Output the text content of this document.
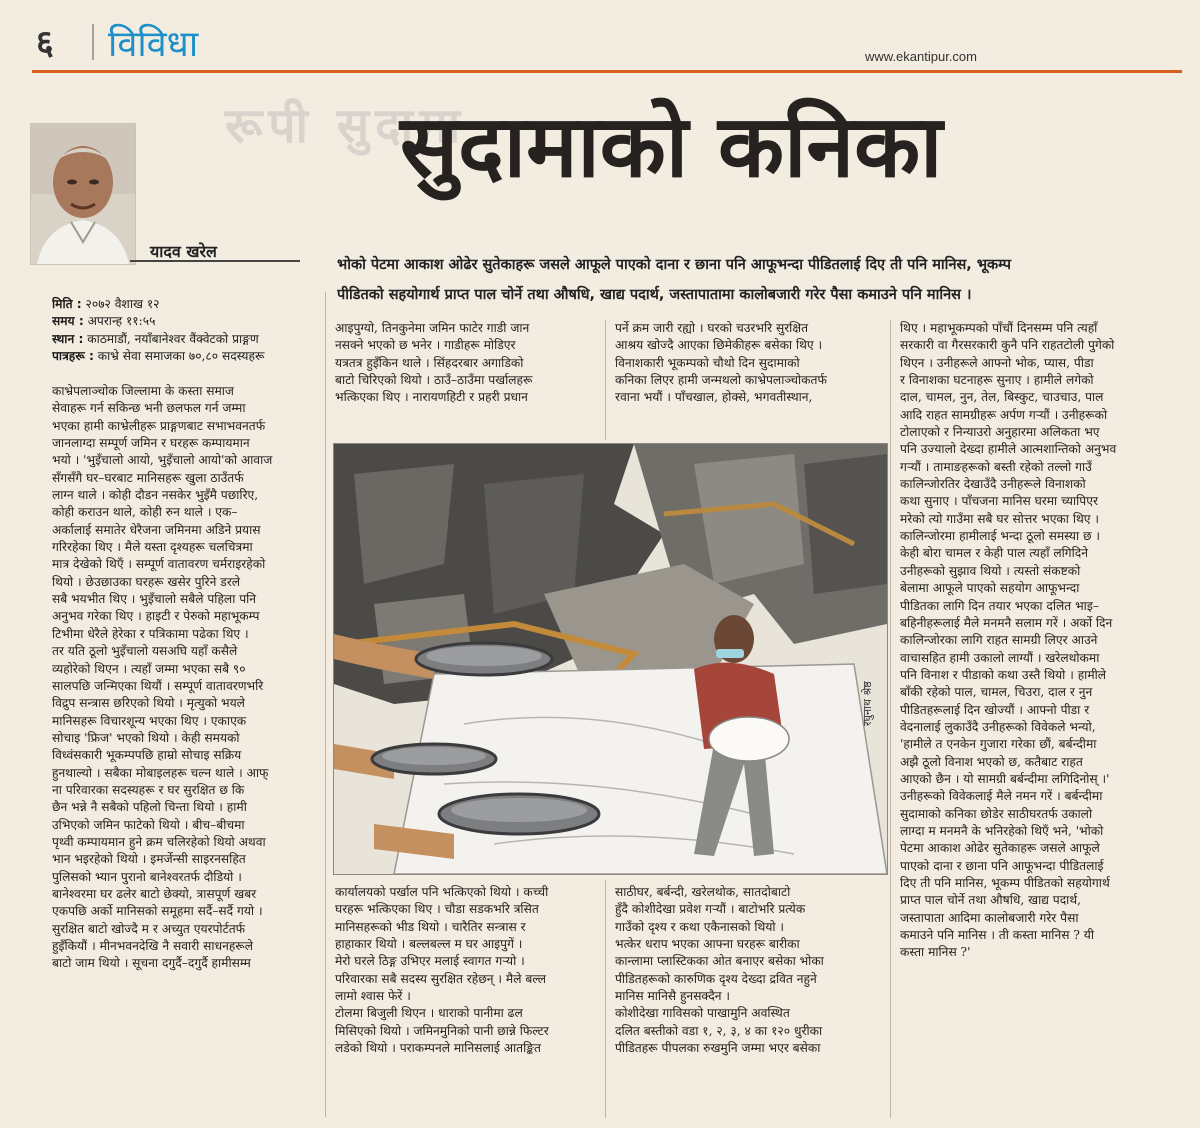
६ विविधा	www.ekantipur.com
रूपी सुदामा
सुदामाको कनिका
यादव खरेल
भोको पेटमा आकाश ओढेर सुतेकाहरू जसले आफूले पाएको दाना र छाना पनि आफूभन्दा पीडितलाई दिए ती पनि मानिस, भूकम्प
पीडितको सहयोगार्थ प्राप्त पाल चोर्ने तथा औषधि, खाद्य पदार्थ, जस्तापातामा कालोबजारी गरेर पैसा कमाउने पनि मानिस ।
मिति : २०७२ वैशाख १२
समय : अपरान्ह ११:५५
स्थान : काठमाडौं, नयाँबानेश्वर वैंक्वेटको प्राङ्गण
पात्रहरू : काभ्रे सेवा समाजका ७०,८० सदस्यहरू
काभ्रेपलाञ्चोक जिल्लामा के कस्ता समाज
सेवाहरू गर्न सकिन्छ भनी छलफल गर्न जम्मा
भएका हामी काभ्रेलीहरू प्राङ्गणबाट सभाभवनतर्फ
जानलाग्दा सम्पूर्ण जमिन र घरहरू कम्पायमान
भयो । 'भुइँचालो आयो, भुइँचालो आयो'को आवाज
सँगसँगै घर–घरबाट मानिसहरू खुला ठाउँतर्फ
लाग्न थाले । कोही दौडन नसकेर भुइँमै पछारिए,
कोही कराउन थाले, कोही रुन थाले । एक–
अर्कालाई समातेर धेरैजना जमिनमा अडिने प्रयास
गरिरहेका थिए । मैले यस्ता दृश्यहरू चलचित्रमा
मात्र देखेको थिएँ । सम्पूर्ण वातावरण चर्मराइरहेको
थियो । छेउछाउका घरहरू खसेर पुरिने डरले
सबै भयभीत थिए । भुइँचालो सबैले पहिला पनि
अनुभव गरेका थिए । हाइटी र पेरुको महाभूकम्प
टिभीमा धेरैले हेरेका र पत्रिकामा पढेका थिए ।
तर यति ठूलो भुइँचालो यसअघि यहाँ कसैले
व्यहोरेको थिएन । त्यहाँ जम्मा भएका सबै ९०
सालपछि जन्मिएका थियौं । सम्पूर्ण वातावरणभरि
विद्रुप सन्त्रास छरिएको थियो । मृत्युको भयले
मानिसहरू विचारशून्य भएका थिए । एकाएक
सोचाइ 'फ्रिज' भएको थियो । केही समयको
विध्वंसकारी भूकम्पपछि हाम्रो सोचाइ सक्रिय
हुनथाल्यो । सबैका मोबाइलहरू चल्न थाले । आफ्
ना परिवारका सदस्यहरू र घर सुरक्षित छ कि
छैन भन्ने नै सबैको पहिलो चिन्ता थियो । हामी
उभिएको जमिन फाटेको थियो । बीच–बीचमा
पृथ्वी कम्पायमान हुने क्रम चलिरहेको थियो अथवा
भान भइरहेको थियो । इमर्जेन्सी साइरनसहित
पुलिसको भ्यान पुरानो बानेश्वरतर्फ दौडियो ।
बानेश्वरमा घर ढलेर बाटो छेक्यो, त्रासपूर्ण खबर
एकपछि अर्को मानिसको समूहमा सर्दै–सर्दै गयो ।
सुरक्षित बाटो खोज्दै म र अच्युत एयरपोर्टतर्फ
हुइँकियौं । मीनभवनदेखि नै सवारी साधनहरूले
बाटो जाम थियो । सूचना दगुर्दै–दगुर्दै हामीसम्म
आइपुग्यो, तिनकुनेमा जमिन फाटेर गाडी जान
नसक्ने भएको छ भनेर । गाडीहरू मोडिएर
यत्रतत्र हुइँकिन थाले । सिंहदरबार अगाडिको
बाटो चिरिएको थियो । ठाउँ–ठाउँमा पर्खालहरू
भत्किएका थिए । नारायणहिटी र प्रहरी प्रधान
पर्ने क्रम जारी रह्यो । घरको चउरभरि सुरक्षित
आश्रय खोज्दै आएका छिमेकीहरू बसेका थिए ।
विनाशकारी भूकम्पको चौथो दिन सुदामाको
कनिका लिएर हामी जन्मथलो काभ्रेपलाञ्चोकतर्फ
रवाना भयौं । पाँचखाल, होक्से, भगवतीस्थान,
थिए । महाभूकम्पको पाँचौं दिनसम्म पनि त्यहाँ
सरकारी वा गैरसरकारी कुनै पनि राहतटोली पुगेको
थिएन । उनीहरूले आफ्नो भोक, प्यास, पीडा
र विनाशका घटनाहरू सुनाए । हामीले लगेको
दाल, चामल, नुन, तेल, बिस्कुट, चाउचाउ, पाल
आदि राहत सामग्रीहरू अर्पण गर्‍यौं । उनीहरूको
टोलाएको र निन्याउरो अनुहारमा अलिकता भए
पनि उज्यालो देख्दा हामीले आत्मशान्तिको अनुभव
गर्‍यौं । तामाङहरूको बस्ती रहेको तल्लो गाउँ
कालिन्जोरतिर देखाउँदै उनीहरूले विनाशको
कथा सुनाए । पाँचजना मानिस घरमा च्यापिएर
मरेको त्यो गाउँमा सबै घर सोत्तर भएका थिए ।
कालिन्जोरमा हामीलाई भन्दा ठूलो समस्या छ ।
केही बोरा चामल र केही पाल त्यहाँ लगिदिने
उनीहरूको सुझाव थियो । त्यस्तो संकष्टको
बेलामा आफूले पाएको सहयोग आफूभन्दा
पीडितका लागि दिन तयार भएका दलित भाइ–
बहिनीहरूलाई मैले मनमनै सलाम गरें । अर्को दिन
कालिन्जोरका लागि राहत सामग्री लिएर आउने
वाचासहित हामी उकालो लाग्यौं । खरेलथोकमा
पनि विनाश र पीडाको कथा उस्तै थियो । हामीले
बाँकी रहेको पाल, चामल, चिउरा, दाल र नुन
पीडितहरूलाई दिन खोज्यौं । आफ्नो पीडा र
वेदनालाई लुकाउँदै उनीहरूको विवेकले भन्यो,
'हामीले त एनकेन गुजारा गरेका छौं, बर्बन्दीमा
अझै ठूलो विनाश भएको छ, कतैबाट राहत
आएको छैन । यो सामग्री बर्बन्दीमा लगिदिनोस् ।'
उनीहरूको विवेकलाई मैले नमन गरें । बर्बन्दीमा
सुदामाको कनिका छोडेर साठीघरतर्फ उकालो
लाग्दा म मनमनै के भनिरहेको थिएँ भने, 'भोको
पेटमा आकाश ओढेर सुतेकाहरू जसले आफूले
पाएको दाना र छाना पनि आफूभन्दा पीडितलाई
दिए ती पनि मानिस, भूकम्प पीडितको सहयोगार्थ
प्राप्त पाल चोर्ने तथा औषधि, खाद्य पदार्थ,
जस्तापाता आदिमा कालोबजारी गरेर पैसा
कमाउने पनि मानिस । ती कस्ता मानिस ? यी
कस्ता मानिस ?'
कार्यालयको पर्खाल पनि भत्किएको थियो । कच्ची
घरहरू भत्किएका थिए । चौडा सडकभरि त्रसित
मानिसहरूको भीड थियो । चारैतिर सन्त्रास र
हाहाकार थियो । बल्लबल्ल म घर आइपुगें ।
मेरो घरले ठिङ्ग उभिएर मलाई स्वागत गर्‍यो ।
परिवारका सबै सदस्य सुरक्षित रहेछन् । मैले बल्ल
लामो श्वास फेरें ।
टोलमा बिजुली थिएन । धाराको पानीमा ढल
मिसिएको थियो । जमिनमुनिको पानी छान्ने फिल्टर
लडेको थियो । पराकम्पनले मानिसलाई आतङ्कित
साठीघर, बर्बन्दी, खरेलथोक, सातदोबाटो
हुँदै कोशीदेखा प्रवेश गर्‍यौं । बाटोभरि प्रत्येक
गाउँको दृश्य र कथा एकैनासको थियो ।
भत्केर धराप भएका आफ्ना घरहरू बारीका
कान्लामा प्लास्टिकका ओत बनाएर बसेका भोका
पीडितहरूको कारुणिक दृश्य देख्दा द्रवित नहुने
मानिस मानिसै हुनसक्दैन ।
कोशीदेखा गाविसको पाखामुनि अवस्थित
दलित बस्तीको वडा १, २, ३, ४ का १२० धुरीका
पीडितहरू पीपलका रुखमुनि जम्मा भएर बसेका
रघुनाथ श्रेष्ठ
